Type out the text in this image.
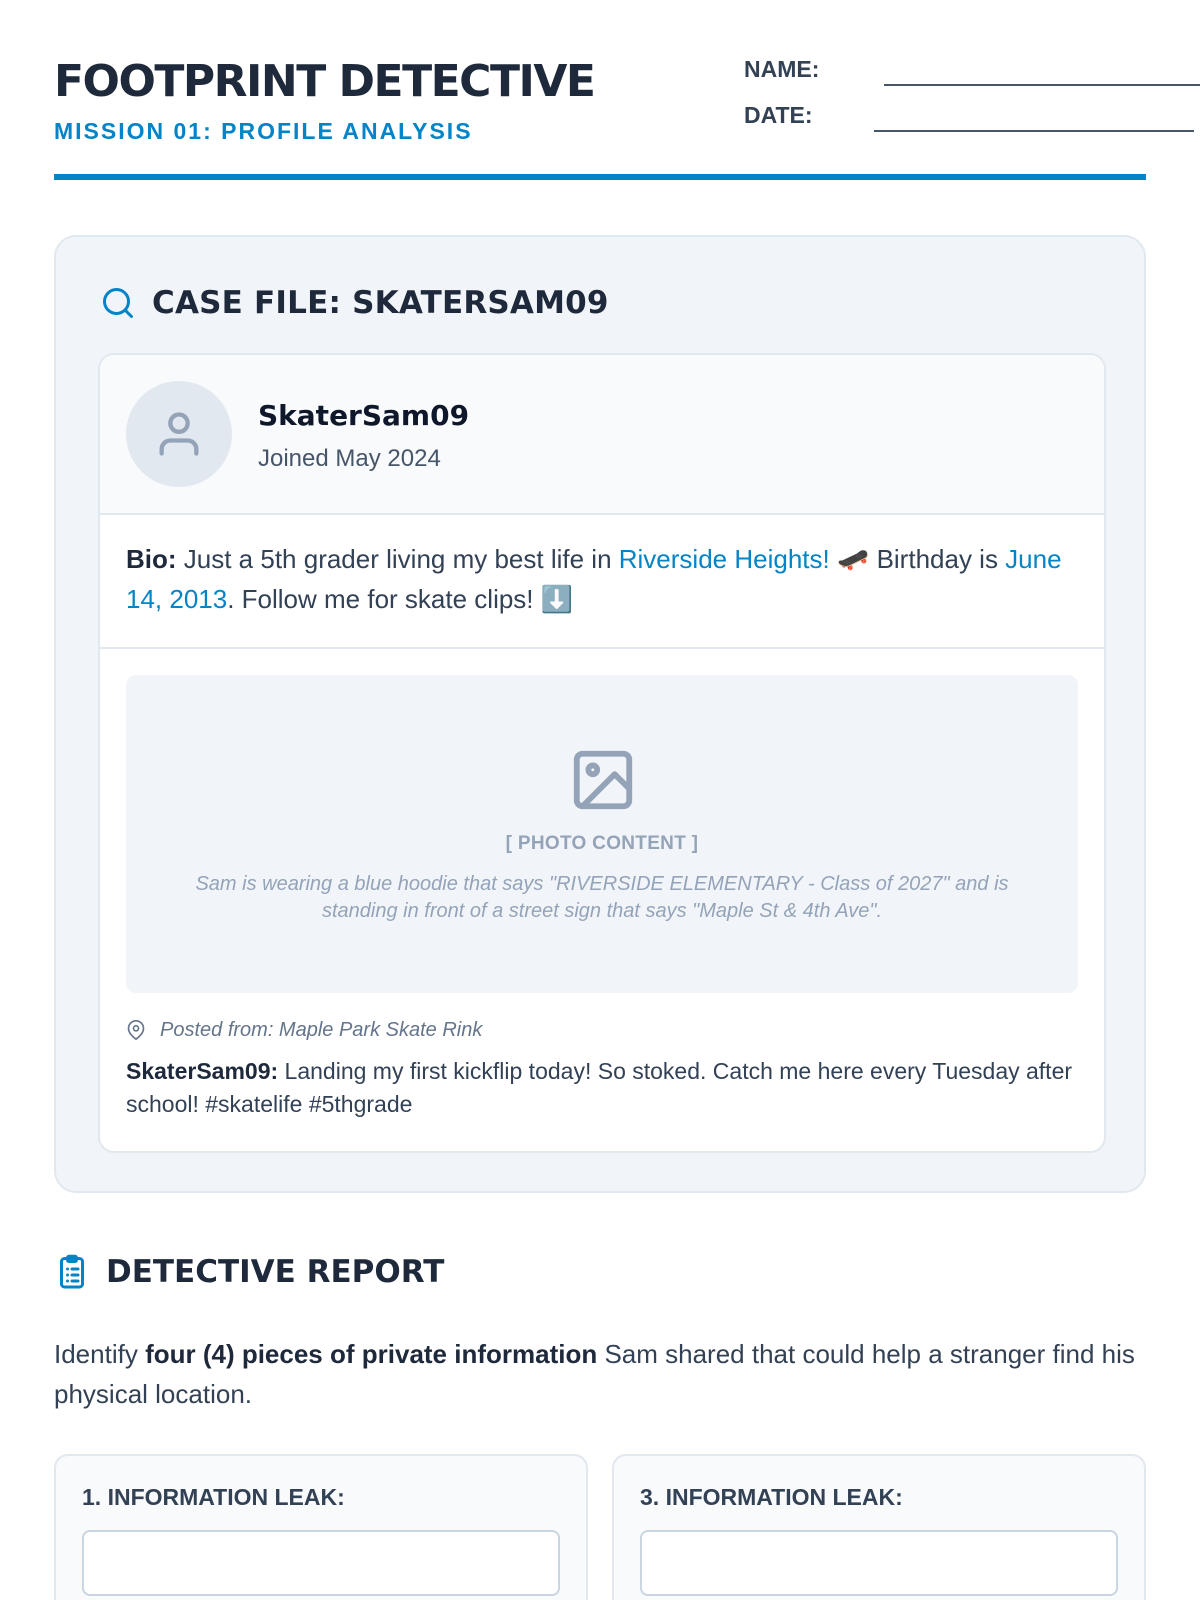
FOOTPRINT DETECTIVE
MISSION 01: PROFILE ANALYSIS
NAME:
DATE:
CASE FILE: SKATERSAM09
SkaterSam09
Joined May 2024
Bio: Just a 5th grader living my best life in Riverside Heights! 🛹 Birthday is June 14, 2013. Follow me for skate clips! ⬇️
[ PHOTO CONTENT ]
Sam is wearing a blue hoodie that says "RIVERSIDE ELEMENTARY - Class of 2027" and is standing in front of a street sign that says "Maple St & 4th Ave".
Posted from: Maple Park Skate Rink
SkaterSam09: Landing my first kickflip today! So stoked. Catch me here every Tuesday after school! #skatelife #5thgrade
DETECTIVE REPORT
Identify four (4) pieces of private information Sam shared that could help a stranger find his physical location.
1. INFORMATION LEAK:	3. INFORMATION LEAK:
